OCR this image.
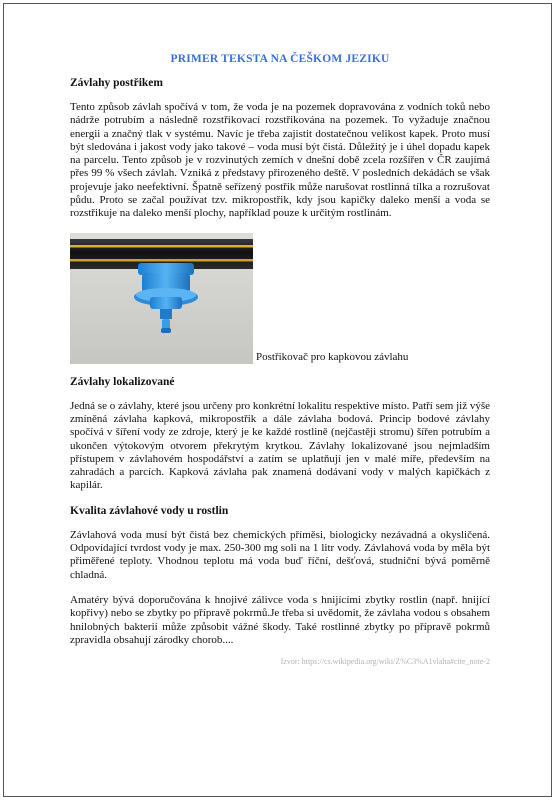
PRIMER TEKSTA NA ČEŠKOM JEZIKU
Závlahy postřikem

Tento způsob závlah spočívá v tom, že voda je na pozemek dopravována z vodních toků nebo nádrže potrubím a následně rozstřikovací rozstřikována na pozemek. To vyžaduje značnou energii a značný tlak v systému. Navíc je třeba zajistit dostatečnou velikost kapek. Proto musí být sledována i jakost vody jako takové – voda musí být čistá. Důležitý je i úhel dopadu kapek na parcelu. Tento způsob je v rozvinutých zemích v dnešní době zcela rozšířen v ČR zaujímá přes 99 % všech závlah. Vzniká z představy přirozeného deště. V posledních dekádách se však projevuje jako neefektivní. Špatně seřízený postřik může narušovat rostlinná tílka a rozrušovat půdu. Proto se začal používat tzv. mikropostřik, kdy jsou kapičky daleko menší a voda se rozstřikuje na daleko menší plochy, například pouze k určitým rostlinám.

Postřikovač pro kapkovou závlahu
Závlahy lokalizované

Jedná se o závlahy, které jsou určeny pro konkrétní lokalitu respektive místo. Patří sem již výše zmíněná závlaha kapková, mikropostřik a dále závlaha bodová. Princip bodové závlahy spočívá v šíření vody ze zdroje, který je ke každé rostlině (nejčastěji stromu) šířen potrubím a ukončen výtokovým otvorem překrytým krytkou. Závlahy lokalizované jsou nejmladším přístupem v závlahovém hospodářství a zatím se uplatňují jen v malé míře, především na zahradách a parcích. Kapková závlaha pak znamená dodávaní vody v malých kapičkách z kapilár.

Kvalita závlahové vody u rostlin

Závlahová voda musí být čistá bez chemických příměsi, biologicky nezávadná a okysličená. Odpovídající tvrdost vody je max. 250-300 mg soli na 1 litr vody. Závlahová voda by měla být přiměřené teploty. Vhodnou teplotu má voda buď říční, dešťová, studniční bývá poměrně chladná.

Amatéry bývá doporučována k hnojivé zálivce voda s hnijícími zbytky rostlin (např. hnijící kopřivy) nebo se zbytky po přípravě pokrmů.Je třeba si uvědomit, že závlaha vodou s obsahem hnilobných bakterií může způsobit vážné škody. Také rostlinné zbytky po přípravě pokrmů zpravidla obsahují zárodky chorob....

Izvor: https://cs.wikipedia.org/wiki/Z%C3%A1vlaha#cite_note-2
